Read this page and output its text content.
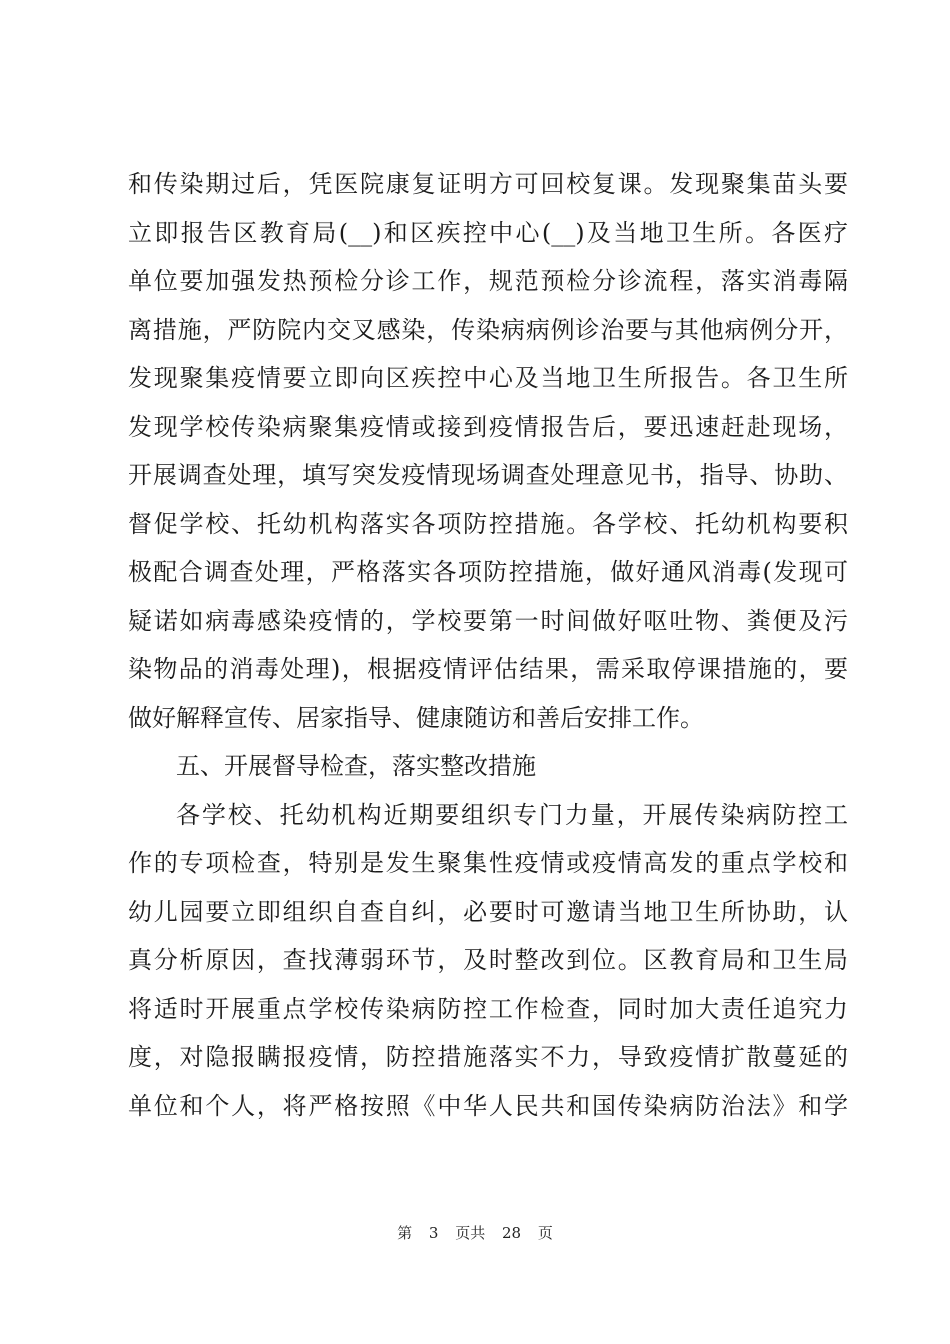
和传染期过后，凭医院康复证明方可回校复课。发现聚集苗头要
立即报告区教育局(__)和区疾控中心(__)及当地卫生所。各医疗
单位要加强发热预检分诊工作，规范预检分诊流程，落实消毒隔
离措施，严防院内交叉感染，传染病病例诊治要与其他病例分开，
发现聚集疫情要立即向区疾控中心及当地卫生所报告。各卫生所
发现学校传染病聚集疫情或接到疫情报告后，要迅速赶赴现场，
开展调查处理，填写突发疫情现场调查处理意见书，指导、协助、
督促学校、托幼机构落实各项防控措施。各学校、托幼机构要积
极配合调查处理，严格落实各项防控措施，做好通风消毒(发现可
疑诺如病毒感染疫情的，学校要第一时间做好呕吐物、粪便及污
染物品的消毒处理)，根据疫情评估结果，需采取停课措施的，要
做好解释宣传、居家指导、健康随访和善后安排工作。
五、开展督导检查，落实整改措施
各学校、托幼机构近期要组织专门力量，开展传染病防控工
作的专项检查，特别是发生聚集性疫情或疫情高发的重点学校和
幼儿园要立即组织自查自纠，必要时可邀请当地卫生所协助，认
真分析原因，查找薄弱环节，及时整改到位。区教育局和卫生局
将适时开展重点学校传染病防控工作检查，同时加大责任追究力
度，对隐报瞒报疫情，防控措施落实不力，导致疫情扩散蔓延的
单位和个人，将严格按照《中华人民共和国传染病防治法》和学
第 3 页共 28 页
